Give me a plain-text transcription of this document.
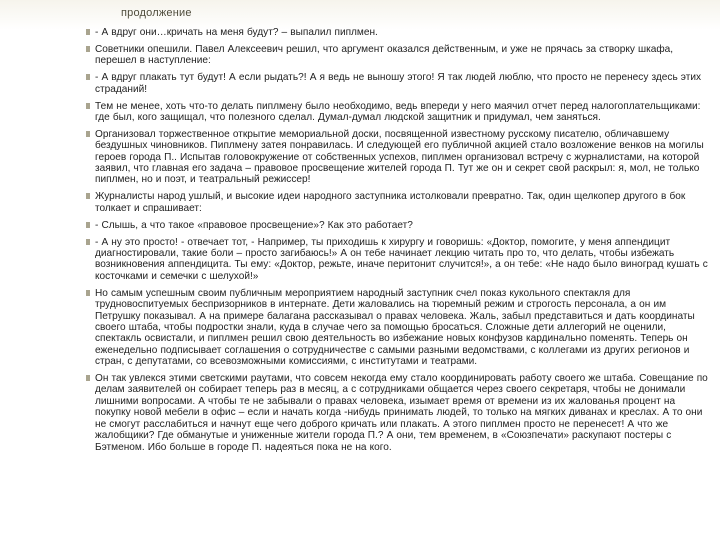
продолжение

- А вдруг они…кричать на меня будут? – выпалил пиплмен.

Советники опешили. Павел Алексеевич решил, что аргумент оказался действенным, и уже не прячась за створку шкафа, перешел в наступление:

- А вдруг плакать тут будут! А если рыдать?! А я ведь не выношу этого! Я так людей люблю, что просто не перенесу здесь этих страданий!

Тем не менее, хоть что-то делать пиплмену было необходимо, ведь впереди у него маячил отчет перед налогоплательщиками: где был, кого защищал, что полезного сделал. Думал-думал людской защитник и придумал, чем заняться.

Организовал торжественное открытие мемориальной доски, посвященной известному русскому писателю, обличавшему бездушных чиновников. Пиплмену затея понравилась. И следующей его публичной акцией стало возложение венков на могилы героев города П.. Испытав головокружение от собственных успехов, пиплмен организовал встречу с журналистами, на которой заявил, что главная его задача – правовое просвещение жителей города П. Тут же он и секрет свой раскрыл: я, мол, не только пиплмен, но и поэт, и театральный режиссер!

Журналисты народ ушлый, и высокие идеи народного заступника истолковали превратно. Так, один щелкопер другого в бок толкает и спрашивает:

- Слышь, а что такое «правовое просвещение»? Как это работает?

- А ну это просто! - отвечает тот, - Например, ты приходишь к хирургу и говоришь: «Доктор, помогите, у меня аппендицит диагностировали, такие боли – просто загибаюсь!» А он тебе начинает лекцию читать про то, что делать, чтобы избежать возникновения аппендицита. Ты ему: «Доктор, режьте, иначе перитонит случится!», а он тебе: «Не надо было виноград кушать с косточками и семечки с шелухой!»

Но самым успешным своим публичным мероприятием народный заступник счел показ кукольного спектакля для трудновоспитуемых беспризорников в интернате. Дети жаловались на тюремный режим и строгость персонала, а он им Петрушку показывал. А на примере балагана рассказывал о правах человека. Жаль, забыл представиться и дать координаты своего штаба, чтобы подростки знали, куда в случае чего за помощью бросаться. Сложные дети аллегорий не оценили, спектакль освистали, и пиплмен решил свою деятельность во избежание новых конфузов кардинально поменять. Теперь он еженедельно подписывает соглашения о сотрудничестве с самыми разными ведомствами, с коллегами из других регионов и стран, с депутатами, со всевозможными комиссиями, с институтами и театрами.

Он так увлекся этими светскими раутами, что совсем некогда ему стало координировать работу своего же штаба. Совещание по делам заявителей он собирает теперь раз в месяц, а с сотрудниками общается через своего секретаря, чтобы не донимали лишними вопросами. А чтобы те не забывали о правах человека, изымает время от времени из их жалованья процент на покупку новой мебели в офис – если и начать когда -нибудь принимать людей, то только на мягких диванах и креслах. А то они не смогут расслабиться и начнут еще чего доброго кричать или плакать. А этого пиплмен просто не перенесет! А что же жалобщики? Где обманутые и униженные жители города П.? А они, тем временем, в «Союзпечати» раскупают постеры с Бэтменом. Ибо больше в городе П. надеяться пока не на кого.
